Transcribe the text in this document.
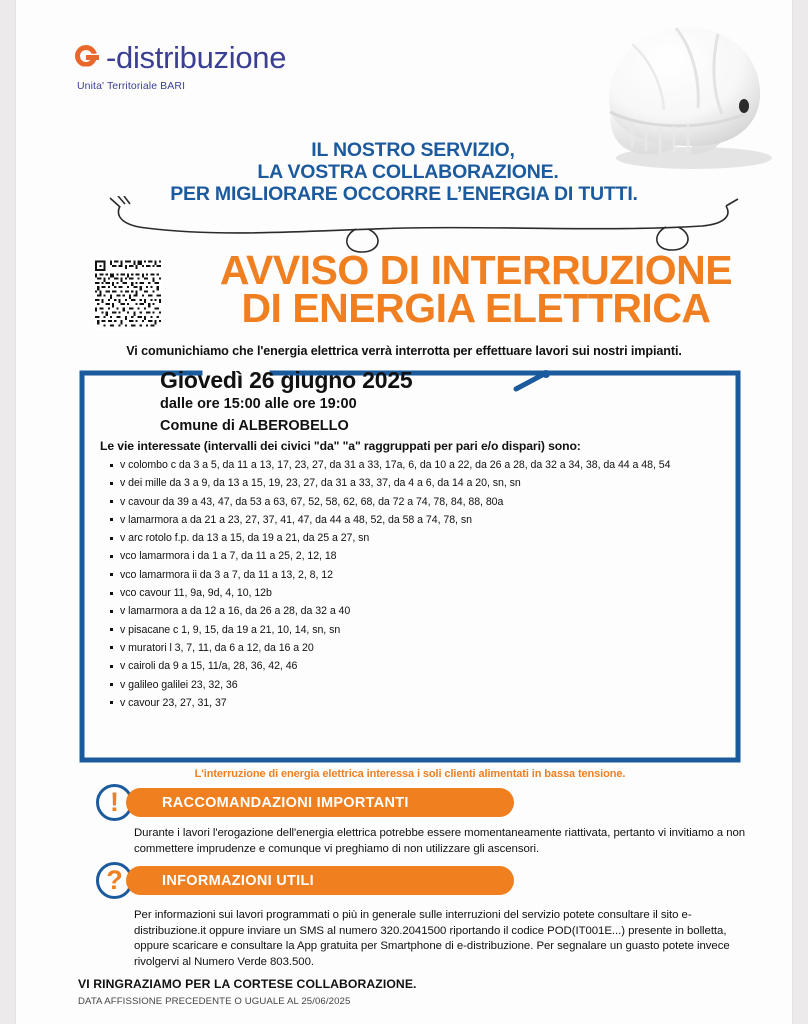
-distribuzione
Unita' Territoriale BARI
IL NOSTRO SERVIZIO,
LA VOSTRA COLLABORAZIONE.
PER MIGLIORARE OCCORRE L’ENERGIA DI TUTTI.
AVVISO DI INTERRUZIONE
DI ENERGIA ELETTRICA
Vi comunichiamo che l'energia elettrica verrà interrotta per effettuare lavori sui nostri impianti.
Giovedì 26 giugno 2025
dalle ore 15:00 alle ore 19:00
Comune di ALBEROBELLO
Le vie interessate (intervalli dei civici "da" "a" raggruppati per pari e/o dispari) sono:
v colombo c da 3 a 5, da 11 a 13, 17, 23, 27, da 31 a 33, 17a, 6, da 10 a 22, da 26 a 28, da 32 a 34, 38, da 44 a 48, 54
v dei mille da 3 a 9, da 13 a 15, 19, 23, 27, da 31 a 33, 37, da 4 a 6, da 14 a 20, sn, sn
v cavour da 39 a 43, 47, da 53 a 63, 67, 52, 58, 62, 68, da 72 a 74, 78, 84, 88, 80a
v lamarmora a da 21 a 23, 27, 37, 41, 47, da 44 a 48, 52, da 58 a 74, 78, sn
v arc rotolo f.p. da 13 a 15, da 19 a 21, da 25 a 27, sn
vco lamarmora i da 1 a 7, da 11 a 25, 2, 12, 18
vco lamarmora ii da 3 a 7, da 11 a 13, 2, 8, 12
vco cavour 11, 9a, 9d, 4, 10, 12b
v lamarmora a da 12 a 16, da 26 a 28, da 32 a 40
v pisacane c 1, 9, 15, da 19 a 21, 10, 14, sn, sn
v muratori l 3, 7, 11, da 6 a 12, da 16 a 20
v cairoli da 9 a 15, 11/a, 28, 36, 42, 46
v galileo galilei 23, 32, 36
v cavour 23, 27, 31, 37
L'interruzione di energia elettrica interessa i soli clienti alimentati in bassa tensione.
!	RACCOMANDAZIONI IMPORTANTI
Durante i lavori l'erogazione dell'energia elettrica potrebbe essere momentaneamente riattivata, pertanto vi invitiamo a non commettere imprudenze e comunque vi preghiamo di non utilizzare gli ascensori.
?	INFORMAZIONI UTILI
Per informazioni sui lavori programmati o più in generale sulle interruzioni del servizio potete consultare il sito e-distribuzione.it oppure inviare un SMS al numero 320.2041500 riportando il codice POD(IT001E...) presente in bolletta, oppure scaricare e consultare la App gratuita per Smartphone di e-distribuzione. Per segnalare un guasto potete invece rivolgervi al Numero Verde 803.500.
VI RINGRAZIAMO PER LA CORTESE COLLABORAZIONE.
DATA AFFISSIONE PRECEDENTE O UGUALE AL 25/06/2025
